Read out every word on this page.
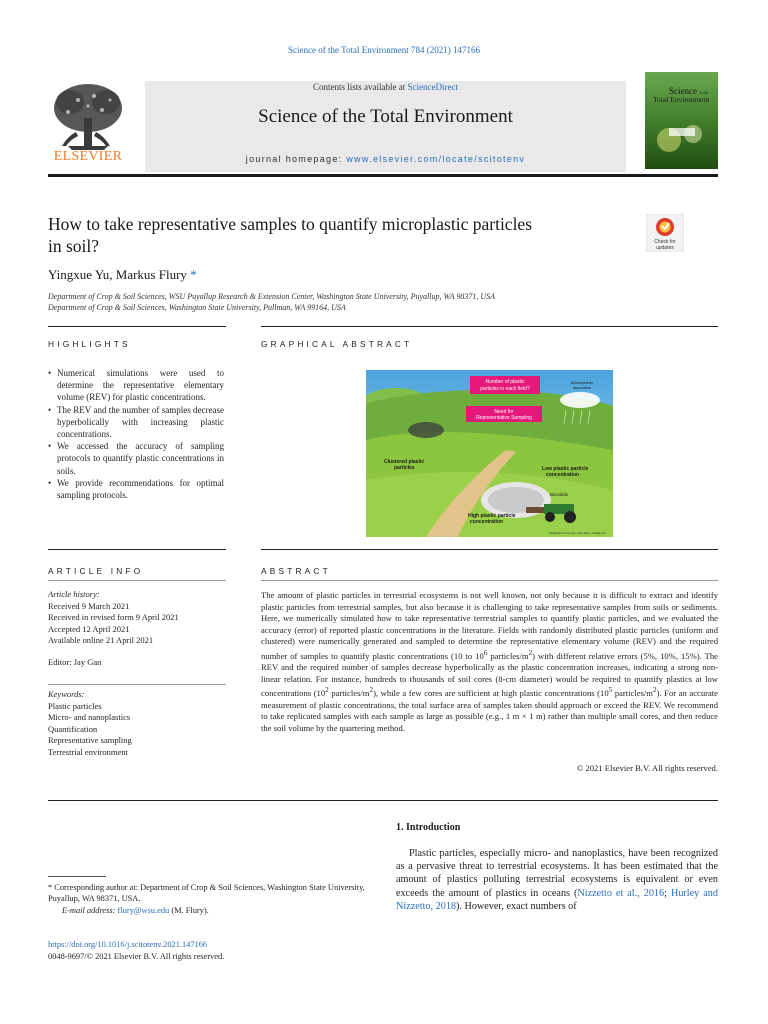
Science of the Total Environment 784 (2021) 147166
Contents lists available at ScienceDirect
Science of the Total Environment
journal homepage: www.elsevier.com/locate/scitotenv
ELSEVIER
Science of the
Total Environment
How to take representative samples to quantify microplastic particles
in soil?	Check for
updates
Yingxue Yu, Markus Flury *
Department of Crop & Soil Sciences, WSU Puyallup Research & Extension Center, Washington State University, Puyallup, WA 98371, USA
Department of Crop & Soil Sciences, Washington State University, Pullman, WA 99164, USA
HIGHLIGHTS	GRAPHICAL ABSTRACT
• Numerical simulations were used to determine the representative elementary volume (REV) for plastic concentrations.
• The REV and the number of samples decrease hyperbolically with increasing plastic concentrations.
• We accessed the accuracy of sampling protocols to quantify plastic concentrations in soils.
• We provide recommendations for optimal sampling protocols.
Number of plastic
particles in each field?
Need for
Representative Sampling
Atmospheric
deposition
Clustered plastic
particles	Low plastic particle
concentration
Biosolids
High plastic particle
concentration
Designed from Freepik, Yiqun Wang, Google.com
ARTICLE INFO	ABSTRACT
Article history:
Received 9 March 2021
Received in revised form 9 April 2021
Accepted 12 April 2021
Available online 21 April 2021
Editor: Jay Gan
Keywords:
Plastic particles
Micro- and nanoplastics
Quantification
Representative sampling
Terrestrial environment
The amount of plastic particles in terrestrial ecosystems is not well known, not only because it is difficult to extract and identify plastic particles from terrestrial samples, but also because it is challenging to take representative samples from soils or sediments. Here, we numerically simulated how to take representative terrestrial samples to quantify plastic particles, and we evaluated the accuracy (error) of reported plastic concentrations in the literature. Fields with randomly distributed plastic particles (uniform and clustered) were numerically generated and sampled to determine the representative elementary volume (REV) and the required number of samples to quantify plastic concentrations (10 to $10^6$ particles/$m^2$) with different relative errors (5%, 10%, 15%). The REV and the required number of samples decrease hyperbolically as the plastic concentration increases, indicating a strong non-linear relation. For instance, hundreds to thousands of soil cores (8-cm diameter) would be required to quantify plastics at low concentrations ($10^2$ particles/$m^2$), while a few cores are sufficient at high plastic concentrations ($10^5$ particles/$m^2$). For an accurate measurement of plastic concentrations, the total surface area of samples taken should approach or exceed the REV. We recommend to take replicated samples with each sample as large as possible (e.g., 1 m × 1 m) rather than multiple small cores, and then reduce the soil volume by the quartering method.
© 2021 Elsevier B.V. All rights reserved.
1. Introduction
Plastic particles, especially micro- and nanoplastics, have been recognized as a pervasive threat to terrestrial ecosystems. It has been estimated that the amount of plastics polluting terrestrial ecosystems is equivalent or even exceeds the amount of plastics in oceans (Nizzetto et al., 2016; Hurley and Nizzetto, 2018). However, exact numbers of
* Corresponding author at: Department of Crop & Soil Sciences, Washington State University, Puyallup, WA 98371, USA.
E-mail address: flury@wsu.edu (M. Flury).
https://doi.org/10.1016/j.scitotenv.2021.147166
0048-9697/© 2021 Elsevier B.V. All rights reserved.
